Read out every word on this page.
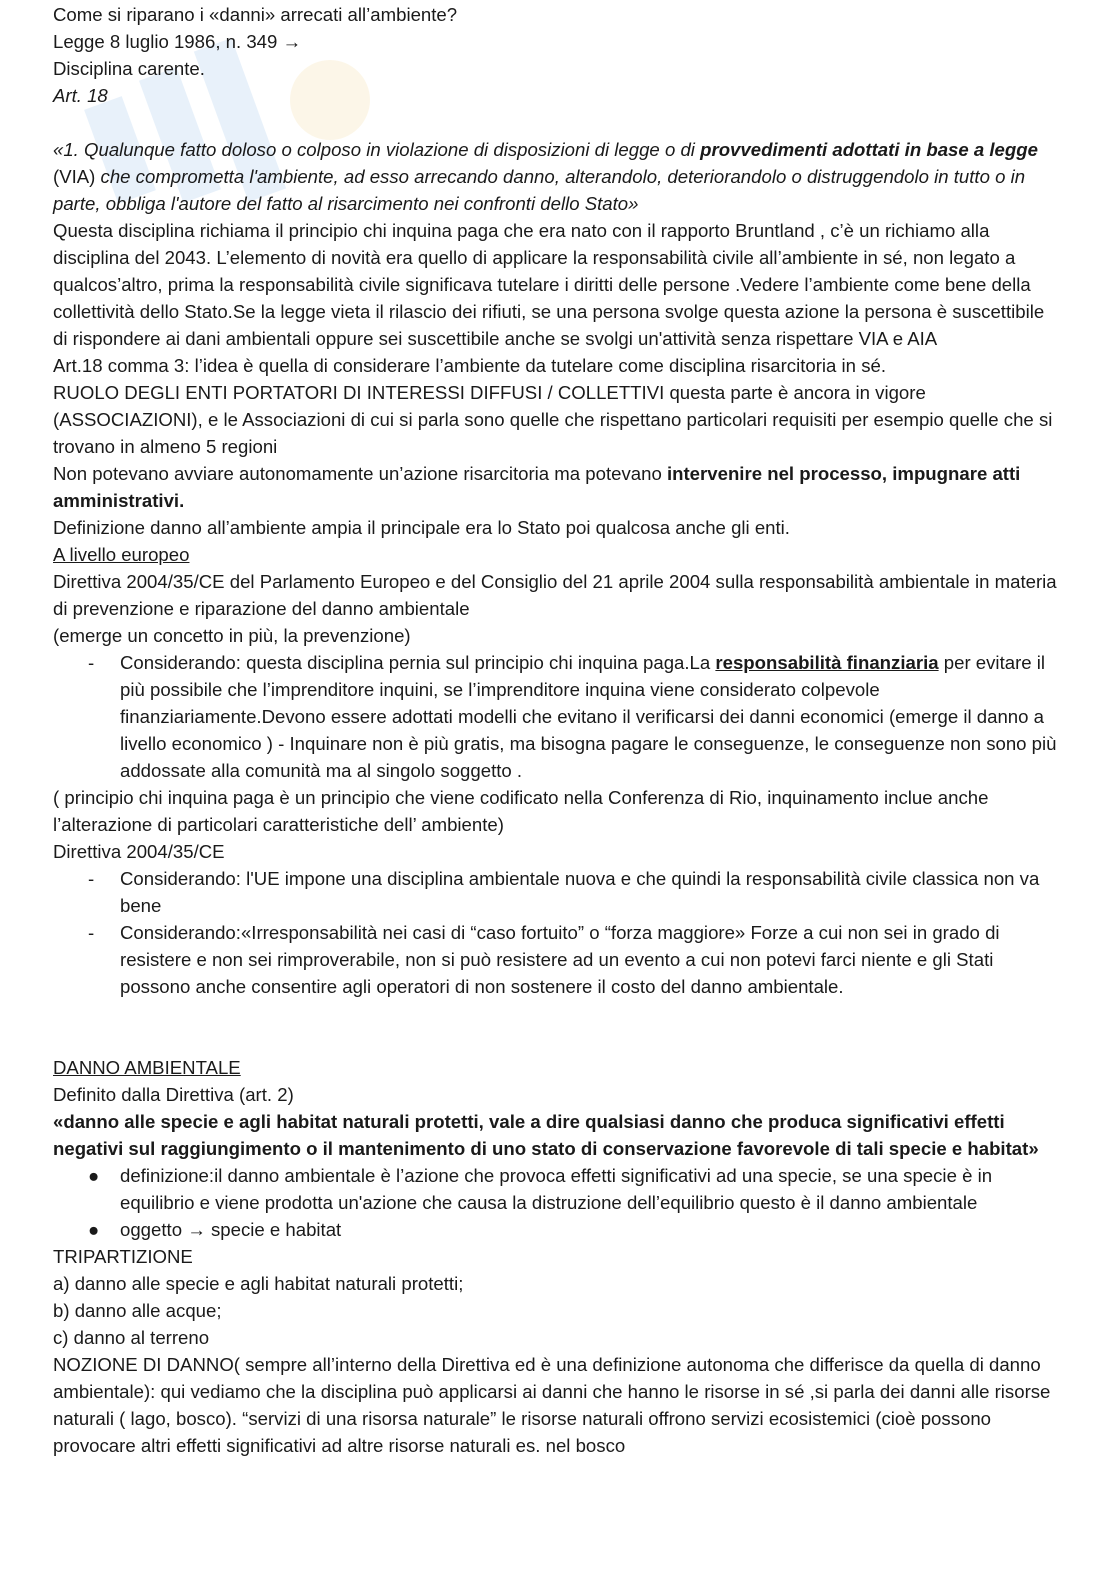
Come si riparano i «danni» arrecati all’ambiente?

Legge 8 luglio 1986, n. 349 →

Disciplina carente.

Art. 18

«1. Qualunque fatto doloso o colposo in violazione di disposizioni di legge o di provvedimenti adottati in base a legge (VIA) che comprometta l'ambiente, ad esso arrecando danno, alterandolo, deteriorandolo o distruggendolo in tutto o in parte, obbliga l'autore del fatto al risarcimento nei confronti dello Stato»

Questa disciplina richiama il principio chi inquina paga che era nato con il rapporto Bruntland , c’è un richiamo alla disciplina del 2043. L’elemento di novità era quello di applicare la responsabilità civile all’ambiente in sé, non legato a qualcos’altro, prima la responsabilità civile significava tutelare i diritti delle persone .Vedere l’ambiente come bene della collettività dello Stato.Se la legge vieta il rilascio dei rifiuti, se una persona svolge questa azione la persona è suscettibile di rispondere ai dani ambientali oppure sei suscettibile anche se svolgi un'attività senza rispettare VIA e AIA

Art.18 comma 3: l’idea è quella di considerare l’ambiente da tutelare come disciplina risarcitoria in sé.

RUOLO DEGLI ENTI PORTATORI DI INTERESSI DIFFUSI / COLLETTIVI questa parte è ancora in vigore (ASSOCIAZIONI), e le Associazioni di cui si parla sono quelle che rispettano particolari requisiti per esempio quelle che si trovano in almeno 5 regioni

Non potevano avviare autonomamente un’azione risarcitoria ma potevano intervenire nel processo, impugnare atti amministrativi.

Definizione danno all’ambiente ampia il principale era lo Stato poi qualcosa anche gli enti.

A livello europeo

Direttiva 2004/35/CE del Parlamento Europeo e del Consiglio del 21 aprile 2004 sulla responsabilità ambientale in materia di prevenzione e riparazione del danno ambientale

(emerge un concetto in più, la prevenzione)

- Considerando: questa disciplina pernia sul principio chi inquina paga.La responsabilità finanziaria per evitare il più possibile che l’imprenditore inquini, se l’imprenditore inquina viene considerato colpevole finanziariamente.Devono essere adottati modelli che evitano il verificarsi dei danni economici (emerge il danno a livello economico ) - Inquinare non è più gratis, ma bisogna pagare le conseguenze, le conseguenze non sono più addossate alla comunità ma al singolo soggetto .

( principio chi inquina paga è un principio che viene codificato nella Conferenza di Rio, inquinamento inclue anche l’alterazione di particolari caratteristiche dell’ ambiente)

Direttiva 2004/35/CE

- Considerando: l'UE impone una disciplina ambientale nuova e che quindi la responsabilità civile classica non va bene
- Considerando:«Irresponsabilità nei casi di “caso fortuito” o “forza maggiore» Forze a cui non sei in grado di resistere e non sei rimproverabile, non si può resistere ad un evento a cui non potevi farci niente e gli Stati possono anche consentire agli operatori di non sostenere il costo del danno ambientale.

DANNO AMBIENTALE

Definito dalla Direttiva (art. 2)

«danno alle specie e agli habitat naturali protetti, vale a dire qualsiasi danno che produca significativi effetti negativi sul raggiungimento o il mantenimento di uno stato di conservazione favorevole di tali specie e habitat»

● definizione:il danno ambientale è l’azione che provoca effetti significativi ad una specie, se una specie è in equilibrio e viene prodotta un'azione che causa la distruzione dell’equilibrio questo è il danno ambientale
● oggetto → specie e habitat

TRIPARTIZIONE

a) danno alle specie e agli habitat naturali protetti;

b) danno alle acque;

c) danno al terreno

NOZIONE DI DANNO( sempre all’interno della Direttiva ed è una definizione autonoma che differisce da quella di danno ambientale): qui vediamo che la disciplina può applicarsi ai danni che hanno le risorse in sé ,si parla dei danni alle risorse naturali ( lago, bosco). “servizi di una risorsa naturale” le risorse naturali offrono servizi ecosistemici (cioè possono provocare altri effetti significativi ad altre risorse naturali es. nel bosco
